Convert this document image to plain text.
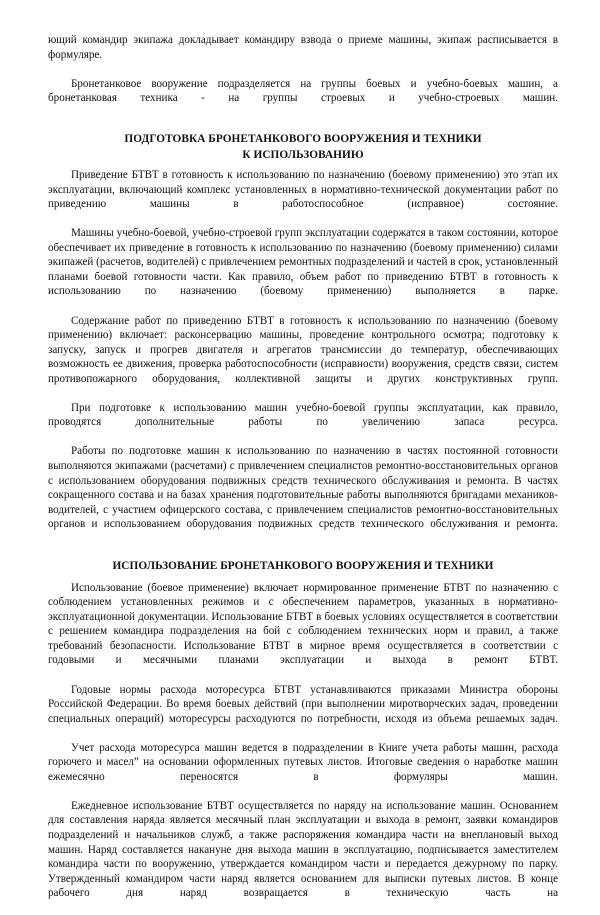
ющий командир экипажа докладывает командиру взвода о приеме машины, экипаж расписывается в формуляре.

Бронетанковое вооружение подразделяется на группы боевых и учебно-боевых машин, а бронетанковая техника - на группы строевых и учебно-строевых машин.

ПОДГОТОВКА БРОНЕТАНКОВОГО ВООРУЖЕНИЯ И ТЕХНИКИ
К ИСПОЛЬЗОВАНИЮ

Приведение БТВТ в готовность к использованию по назначению (боевому применению) это этап их эксплуатации, включающий комплекс установленных в нормативно-технической документации работ по приведению машины в работоспособное (исправное) состояние.

Машины учебно-боевой, учебно-строевой групп эксплуатации содержатся в таком состоянии, которое обеспечивает их приведение в готовность к использованию по назначению (боевому применению) силами экипажей (расчетов, водителей) с привлечением ремонтных подразделений и частей в срок, установленный планами боевой готовности части. Как правило, объем работ по приведению БТВТ в готовность к использованию по назначению (боевому применению) выполняется в парке.

Содержание работ по приведению БТВТ в готовность к использованию по назначению (боевому применению) включает: расконсервацию машины, проведение контрольного осмотра; подготовку к запуску, запуск и прогрев двигателя и агрегатов трансмиссии до температур, обеспечивающих возможность ее движения, проверка работоспособности (исправности) вооружения, средств связи, систем противопожарного оборудования, коллективной защиты и других конструктивных групп.

При подготовке к использованию машин учебно-боевой группы эксплуатации, как правило, проводятся дополнительные работы по увеличению запаса ресурса.

Работы по подготовке машин к использованию по назначению в частях постоянной готовности выполняются экипажами (расчетами) с привлечением специалистов ремонтно-восстановительных органов с использованием оборудования подвижных средств технического обслуживания и ремонта. В частях сокращенного состава и на базах хранения подготовительные работы выполняются бригадами механиков-водителей, с участием офицерского состава, с привлечением специалистов ремонтно-восстановительных органов и использованием оборудования подвижных средств технического обслуживания и ремонта.

ИСПОЛЬЗОВАНИЕ БРОНЕТАНКОВОГО ВООРУЖЕНИЯ И ТЕХНИКИ

Использование (боевое применение) включает нормированное применение БТВТ по назначению с соблюдением установленных режимов и с обеспечением параметров, указанных в нормативно-эксплуатационной документации. Использование БТВТ в боевых условиях осуществляется в соответствии с решением командира подразделения на бой с соблюдением технических норм и правил, а также требований безопасности. Использование БТВТ в мирное время осуществляется в соответствии с годовыми и месячными планами эксплуатации и выхода в ремонт БТВТ.

Годовые нормы расхода моторесурса БТВТ устанавливаются приказами Министра обороны Российской Федерации. Во время боевых действий (при выполнении миротворческих задач, проведении специальных операций) моторесурсы расходуются по потребности, исходя из объема решаемых задач.

Учет расхода моторесурса машин ведется в подразделении в Книге учета работы машин, расхода горючего и масел” на основании оформленных путевых листов. Итоговые сведения о наработке машин ежемесячно переносятся в формуляры машин.

Ежедневное использование БТВТ осуществляется по наряду на использование машин. Основанием для составления наряда является месячный план эксплуатации и выхода в ремонт, заявки командиров подразделений и начальников служб, а также распоряжения командира части на внеплановый выход машин. Наряд составляется накануне дня выхода машин в эксплуатацию, подписывается заместителем командира части по вооружению, утверждается командиром части и передается дежурному по парку. Утвержденный командиром части наряд является основанием для выписки путевых листов. В конце рабочего дня наряд возвращается в техническую часть на
